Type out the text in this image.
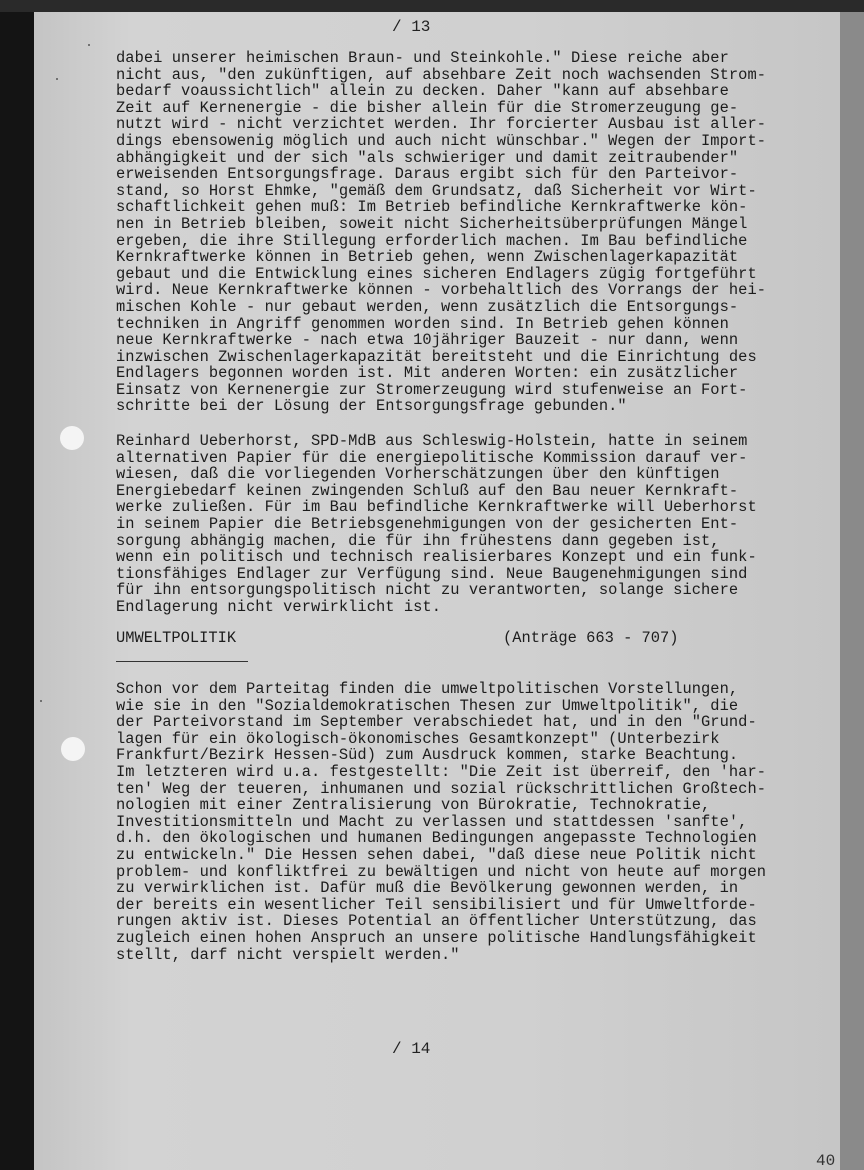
/ 13
dabei unserer heimischen Braun- und Steinkohle." Diese reiche aber
nicht aus, "den zukünftigen, auf absehbare Zeit noch wachsenden Strom-
bedarf voaussichtlich" allein zu decken. Daher "kann auf absehbare
Zeit auf Kernenergie - die bisher allein für die Stromerzeugung ge-
nutzt wird - nicht verzichtet werden. Ihr forcierter Ausbau ist aller-
dings ebensowenig möglich und auch nicht wünschbar." Wegen der Import-
abhängigkeit und der sich "als schwieriger und damit zeitraubender"
erweisenden Entsorgungsfrage. Daraus ergibt sich für den Parteivor-
stand, so Horst Ehmke, "gemäß dem Grundsatz, daß Sicherheit vor Wirt-
schaftlichkeit gehen muß: Im Betrieb befindliche Kernkraftwerke kön-
nen in Betrieb bleiben, soweit nicht Sicherheitsüberprüfungen Mängel
ergeben, die ihre Stillegung erforderlich machen. Im Bau befindliche
Kernkraftwerke können in Betrieb gehen, wenn Zwischenlagerkapazität
gebaut und die Entwicklung eines sicheren Endlagers zügig fortgeführt
wird. Neue Kernkraftwerke können - vorbehaltlich des Vorrangs der hei-
mischen Kohle - nur gebaut werden, wenn zusätzlich die Entsorgungs-
techniken in Angriff genommen worden sind. In Betrieb gehen können
neue Kernkraftwerke - nach etwa 10jähriger Bauzeit - nur dann, wenn
inzwischen Zwischenlagerkapazität bereitsteht und die Einrichtung des
Endlagers begonnen worden ist. Mit anderen Worten: ein zusätzlicher
Einsatz von Kernenergie zur Stromerzeugung wird stufenweise an Fort-
schritte bei der Lösung der Entsorgungsfrage gebunden."
Reinhard Ueberhorst, SPD-MdB aus Schleswig-Holstein, hatte in seinem
alternativen Papier für die energiepolitische Kommission darauf ver-
wiesen, daß die vorliegenden Vorherschätzungen über den künftigen
Energiebedarf keinen zwingenden Schluß auf den Bau neuer Kernkraft-
werke zuließen. Für im Bau befindliche Kernkraftwerke will Ueberhorst
in seinem Papier die Betriebsgenehmigungen von der gesicherten Ent-
sorgung abhängig machen, die für ihn frühestens dann gegeben ist,
wenn ein politisch und technisch realisierbares Konzept und ein funk-
tionsfähiges Endlager zur Verfügung sind. Neue Baugenehmigungen sind
für ihn entsorgungspolitisch nicht zu verantworten, solange sichere
Endlagerung nicht verwirklicht ist.
UMWELTPOLITIK	(Anträge 663 - 707)
Schon vor dem Parteitag finden die umweltpolitischen Vorstellungen,
wie sie in den "Sozialdemokratischen Thesen zur Umweltpolitik", die
der Parteivorstand im September verabschiedet hat, und in den "Grund-
lagen für ein ökologisch-ökonomisches Gesamtkonzept" (Unterbezirk
Frankfurt/Bezirk Hessen-Süd) zum Ausdruck kommen, starke Beachtung.
Im letzteren wird u.a. festgestellt: "Die Zeit ist überreif, den 'har-
ten' Weg der teueren, inhumanen und sozial rückschrittlichen Großtech-
nologien mit einer Zentralisierung von Bürokratie, Technokratie,
Investitionsmitteln und Macht zu verlassen und stattdessen 'sanfte',
d.h. den ökologischen und humanen Bedingungen angepasste Technologien
zu entwickeln." Die Hessen sehen dabei, "daß diese neue Politik nicht
problem- und konfliktfrei zu bewältigen und nicht von heute auf morgen
zu verwirklichen ist. Dafür muß die Bevölkerung gewonnen werden, in
der bereits ein wesentlicher Teil sensibilisiert und für Umweltforde-
rungen aktiv ist. Dieses Potential an öffentlicher Unterstützung, das
zugleich einen hohen Anspruch an unsere politische Handlungsfähigkeit
stellt, darf nicht verspielt werden."
/ 14
40
